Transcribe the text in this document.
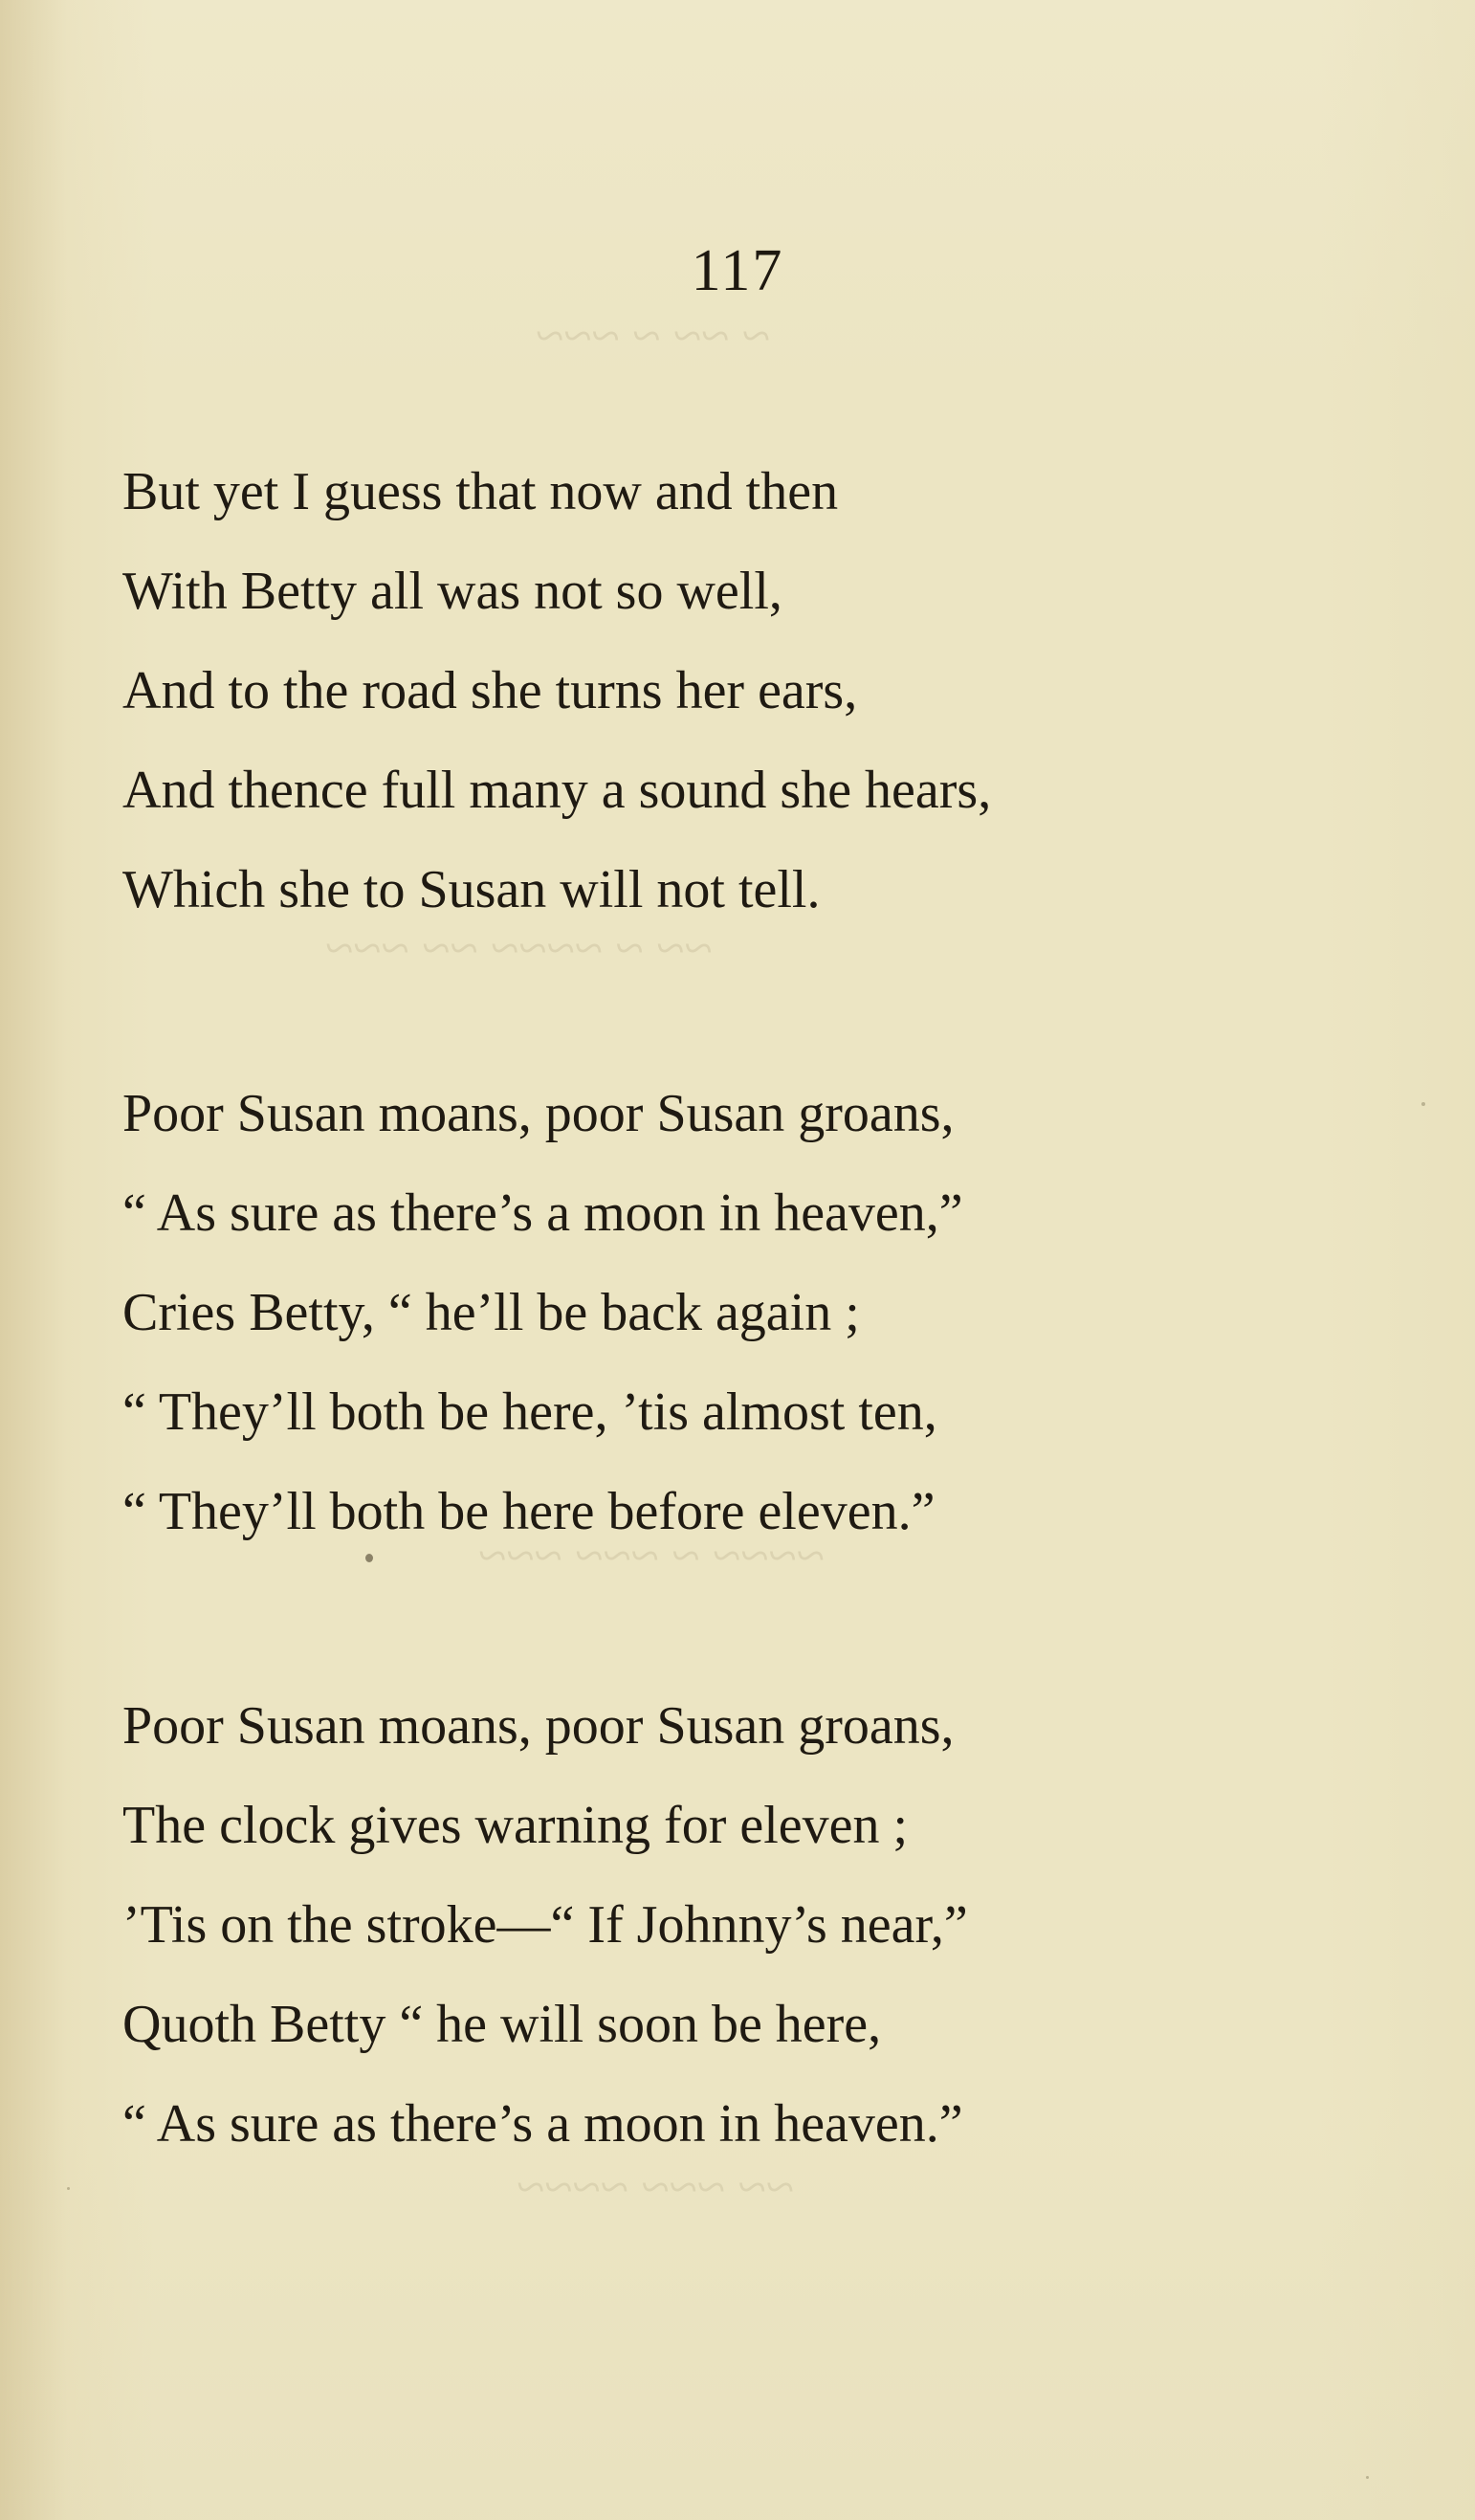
~ ~~ ~ ~~~
~~ ~ ~~~~ ~~ ~~~
~~~~ ~ ~~~ ~~~
~~ ~~~ ~~~~
117
But yet I guess that now and then
With Betty all was not so well,
And to the road she turns her ears,
And thence full many a sound she hears,
Which she to Susan will not tell.
Poor Susan moans, poor Susan groans,
“ As sure as there’s a moon in heaven,”
Cries Betty, “ he’ll be back again ;
“ They’ll both be here, ’tis almost ten,
“ They’ll both be here before eleven.”
Poor Susan moans, poor Susan groans,
The clock gives warning for eleven ;
’Tis on the stroke—“ If Johnny’s near,”
Quoth Betty “ he will soon be here,
“ As sure as there’s a moon in heaven.”
